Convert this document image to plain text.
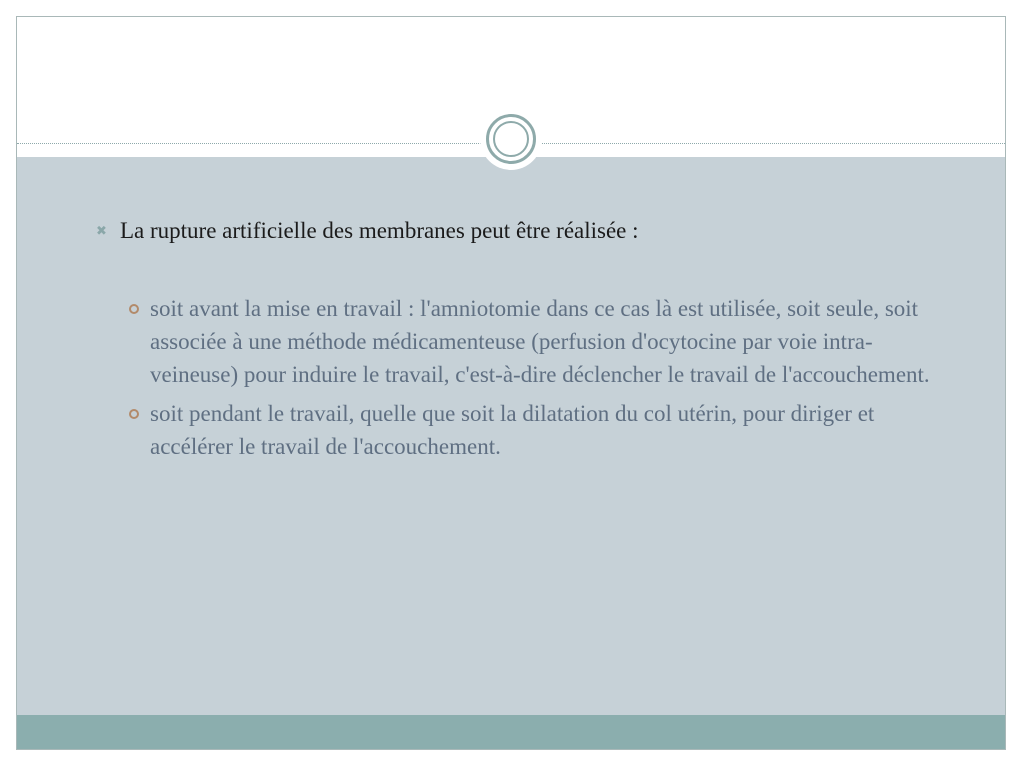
✖ La rupture artificielle des membranes peut être réalisée :
soit avant la mise en travail : l'amniotomie dans ce cas là est utilisée, soit seule, soit associée à une méthode médicamenteuse (perfusion d'ocytocine par voie intra-veineuse) pour induire le travail, c'est-à-dire déclencher le travail de l'accouchement.
soit pendant le travail, quelle que soit la dilatation du col utérin, pour diriger et accélérer le travail de l'accouchement.
